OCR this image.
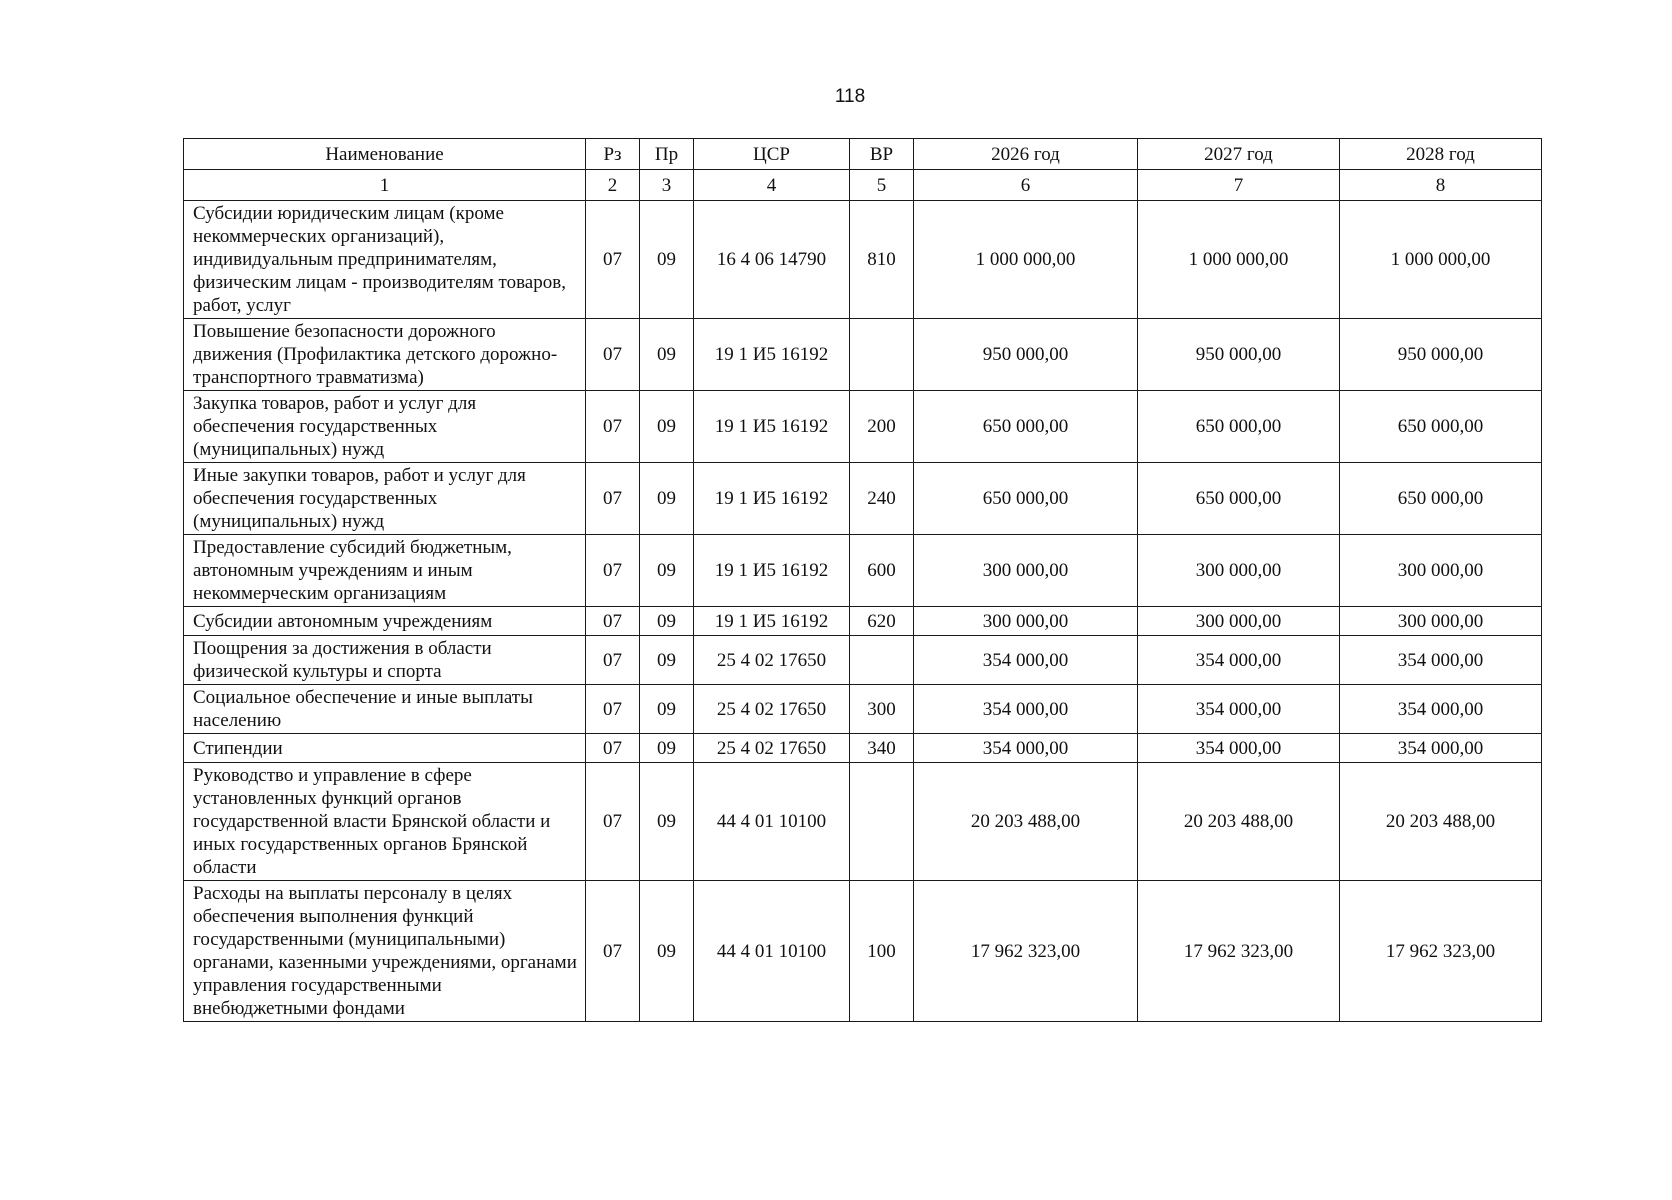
118
Наименование	Рз	Пр	ЦСР	ВР	2026 год	2027 год	2028 год
1	2	3	4	5	6	7	8
Субсидии юридическим лицам (кроме некоммерческих организаций), индивидуальным предпринимателям, физическим лицам - производителям товаров, работ, услуг	07	09	16 4 06 14790	810	1 000 000,00	1 000 000,00	1 000 000,00
Повышение безопасности дорожного движения (Профилактика детского дорожно-транспортного травматизма)	07	09	19 1 И5 16192		950 000,00	950 000,00	950 000,00
Закупка товаров, работ и услуг для обеспечения государственных (муниципальных) нужд	07	09	19 1 И5 16192	200	650 000,00	650 000,00	650 000,00
Иные закупки товаров, работ и услуг для обеспечения государственных (муниципальных) нужд	07	09	19 1 И5 16192	240	650 000,00	650 000,00	650 000,00
Предоставление субсидий бюджетным, автономным учреждениям и иным некоммерческим организациям	07	09	19 1 И5 16192	600	300 000,00	300 000,00	300 000,00
Субсидии автономным учреждениям	07	09	19 1 И5 16192	620	300 000,00	300 000,00	300 000,00
Поощрения за достижения в области физической культуры и спорта	07	09	25 4 02 17650		354 000,00	354 000,00	354 000,00
Социальное обеспечение и иные выплаты населению	07	09	25 4 02 17650	300	354 000,00	354 000,00	354 000,00
Стипендии	07	09	25 4 02 17650	340	354 000,00	354 000,00	354 000,00
Руководство и управление в сфере установленных функций органов государственной власти Брянской области и иных государственных органов Брянской области	07	09	44 4 01 10100		20 203 488,00	20 203 488,00	20 203 488,00
Расходы на выплаты персоналу в целях обеспечения выполнения функций государственными (муниципальными) органами, казенными учреждениями, органами управления государственными внебюджетными фондами	07	09	44 4 01 10100	100	17 962 323,00	17 962 323,00	17 962 323,00
